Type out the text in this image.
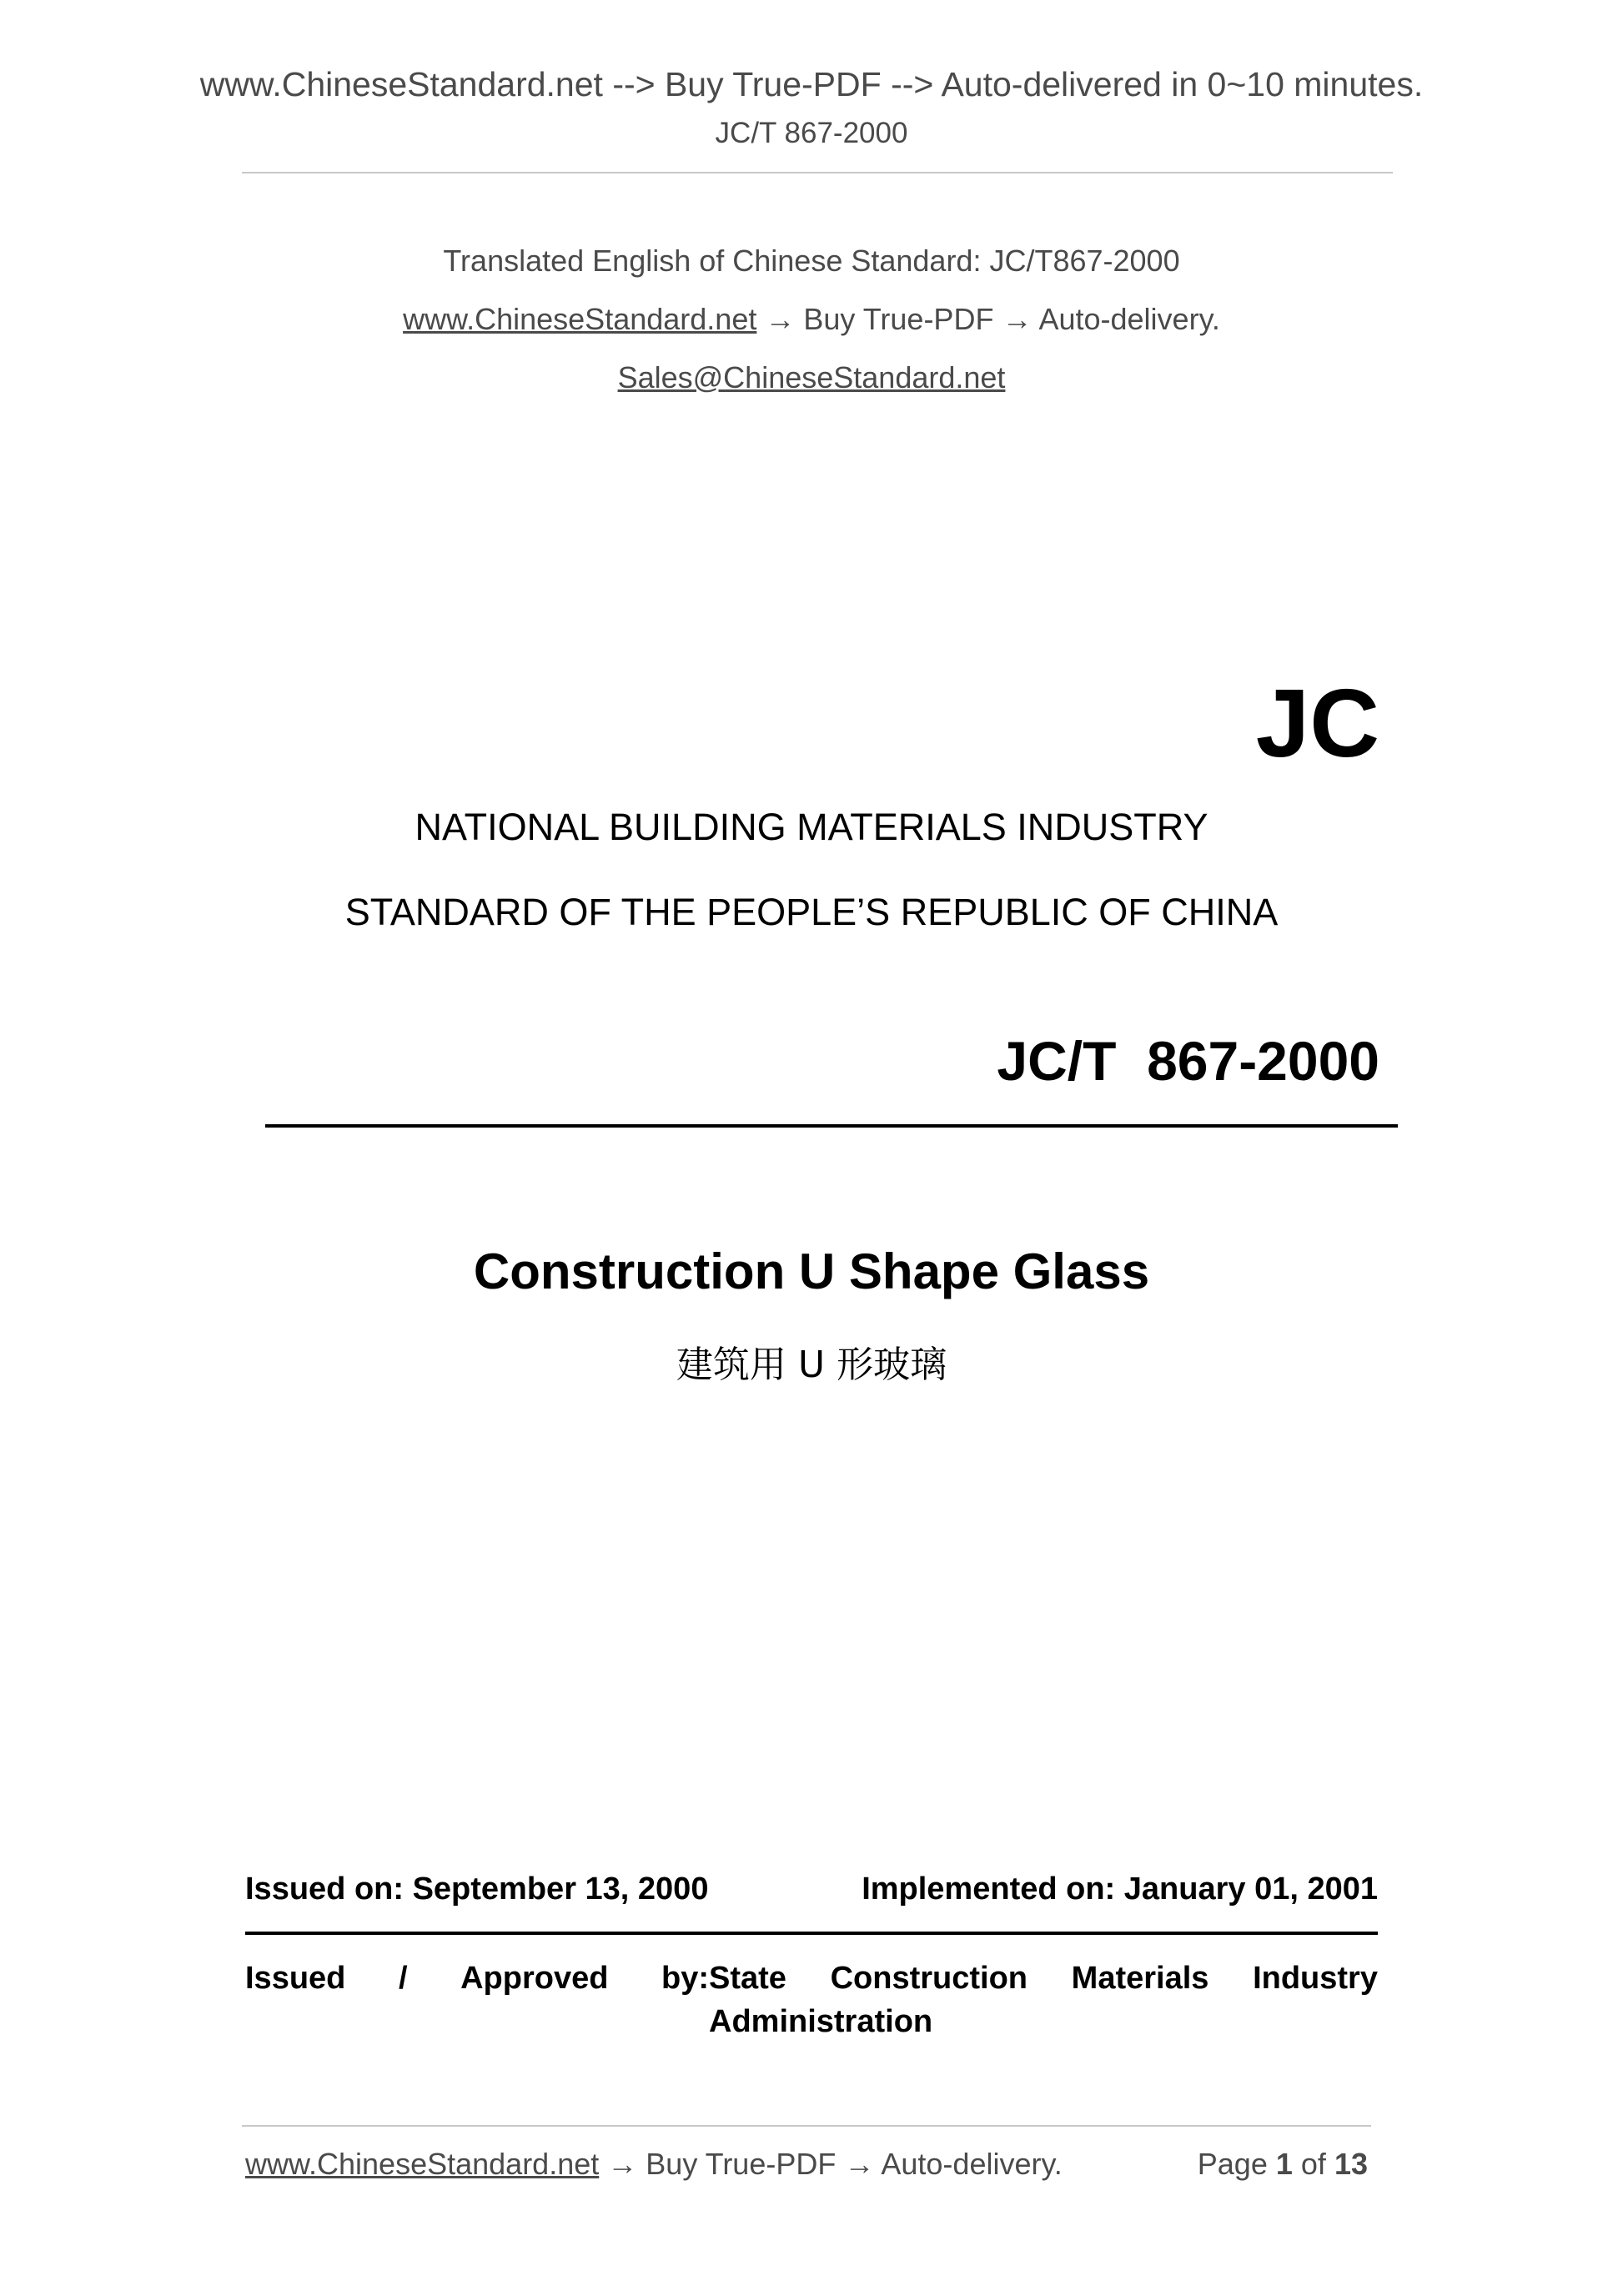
www.ChineseStandard.net --> Buy True-PDF --> Auto-delivered in 0~10 minutes.
JC/T 867-2000
Translated English of Chinese Standard: JC/T867-2000
www.ChineseStandard.net → Buy True-PDF → Auto-delivery.
Sales@ChineseStandard.net
JC
NATIONAL BUILDING MATERIALS INDUSTRY
STANDARD OF THE PEOPLE’S REPUBLIC OF CHINA
JC/T  867-2000
Construction U Shape Glass
建筑用 U 形玻璃
Issued on: September 13, 2000	Implemented on: January 01, 2001
Issued / Approved by: State Construction Materials Industry
Administration
www.ChineseStandard.net → Buy True-PDF → Auto-delivery.	Page 1 of 13
